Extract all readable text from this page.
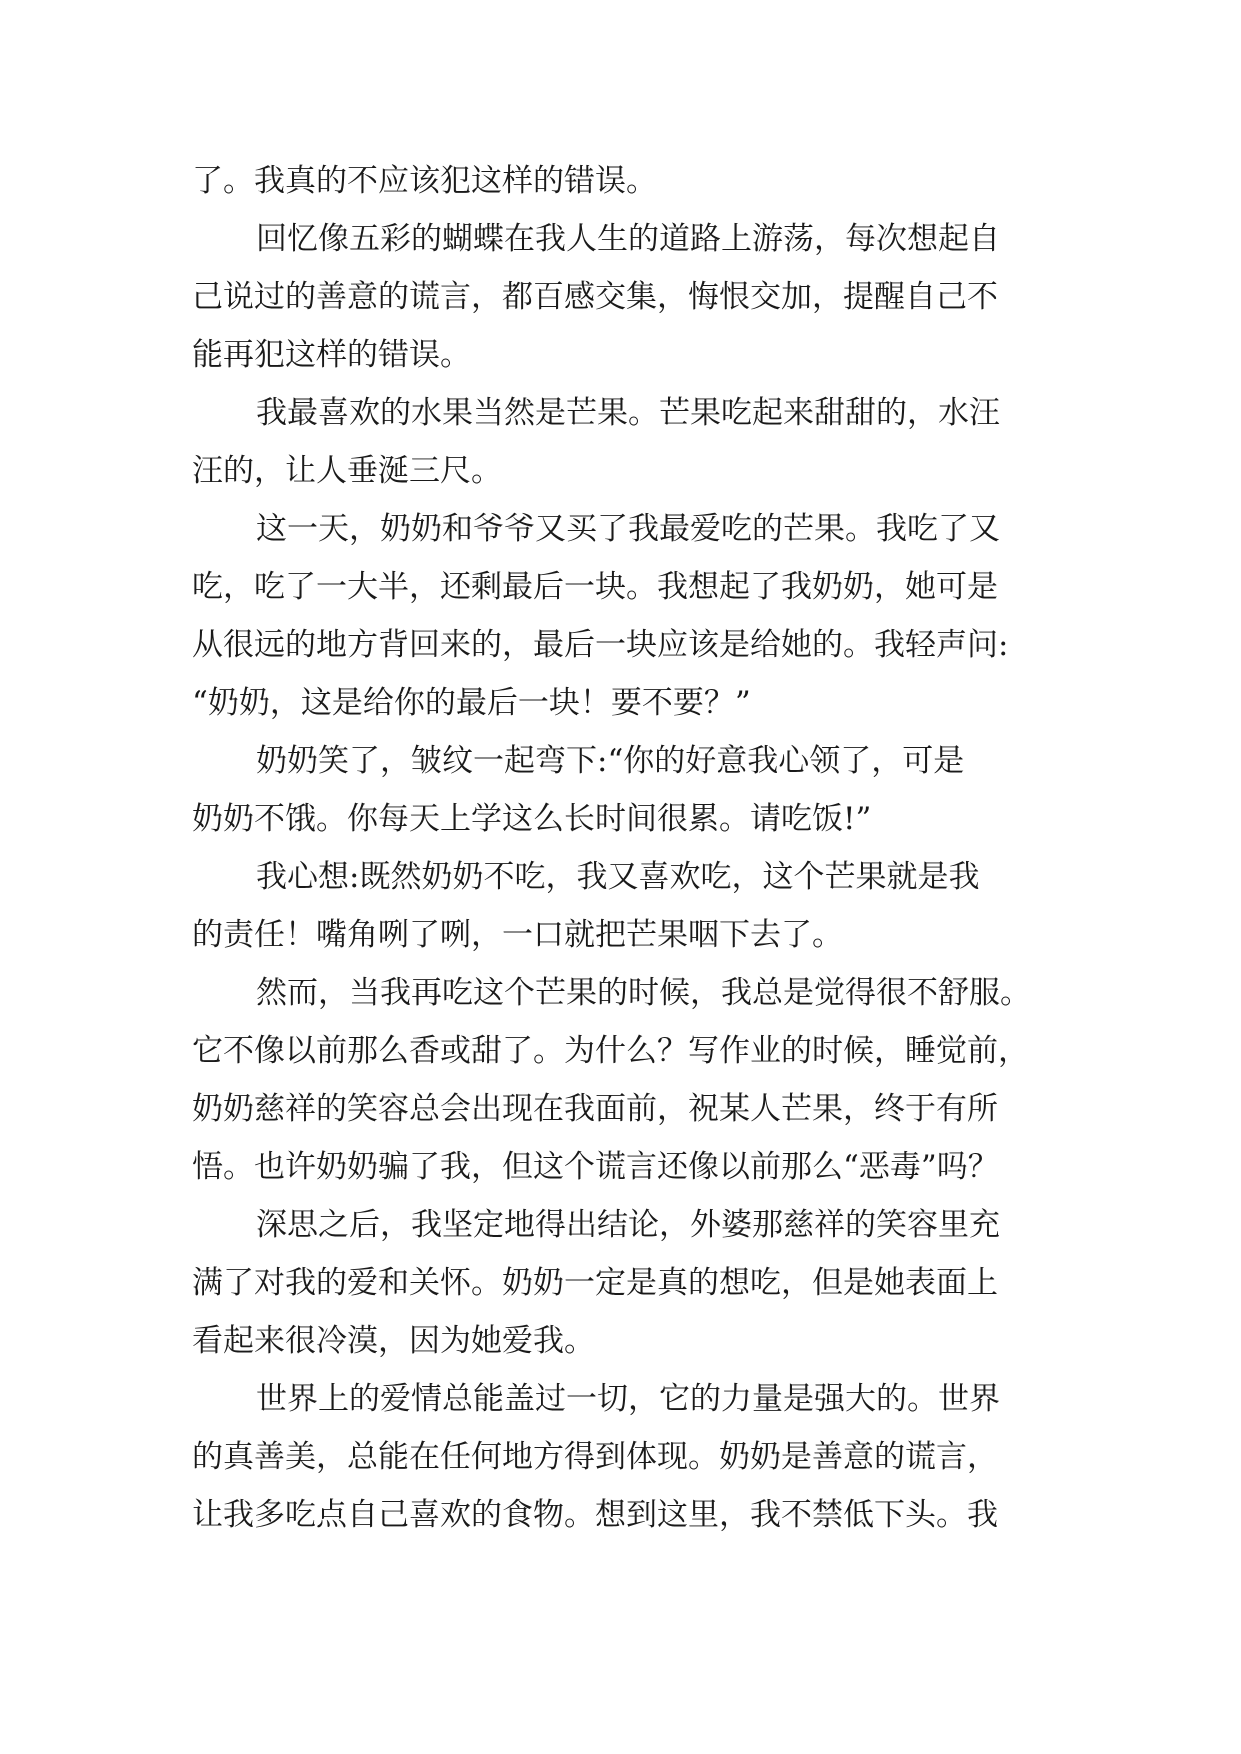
了。我真的不应该犯这样的错误。
回忆像五彩的蝴蝶在我人生的道路上游荡，每次想起自
己说过的善意的谎言，都百感交集，悔恨交加，提醒自己不
能再犯这样的错误。
我最喜欢的水果当然是芒果。芒果吃起来甜甜的，水汪
汪的，让人垂涎三尺。
这一天，奶奶和爷爷又买了我最爱吃的芒果。我吃了又
吃，吃了一大半，还剩最后一块。我想起了我奶奶，她可是
从很远的地方背回来的，最后一块应该是给她的。我轻声问:
“奶奶，这是给你的最后一块！要不要？”
奶奶笑了，皱纹一起弯下:“你的好意我心领了，可是
奶奶不饿。你每天上学这么长时间很累。请吃饭!”
我心想:既然奶奶不吃，我又喜欢吃，这个芒果就是我
的责任！嘴角咧了咧，一口就把芒果咽下去了。
然而，当我再吃这个芒果的时候，我总是觉得很不舒服。
它不像以前那么香或甜了。为什么？写作业的时候，睡觉前，
奶奶慈祥的笑容总会出现在我面前，祝某人芒果，终于有所
悟。也许奶奶骗了我，但这个谎言还像以前那么“恶毒”吗？
深思之后，我坚定地得出结论，外婆那慈祥的笑容里充
满了对我的爱和关怀。奶奶一定是真的想吃，但是她表面上
看起来很冷漠，因为她爱我。
世界上的爱情总能盖过一切，它的力量是强大的。世界
的真善美，总能在任何地方得到体现。奶奶是善意的谎言，
让我多吃点自己喜欢的食物。想到这里，我不禁低下头。我
